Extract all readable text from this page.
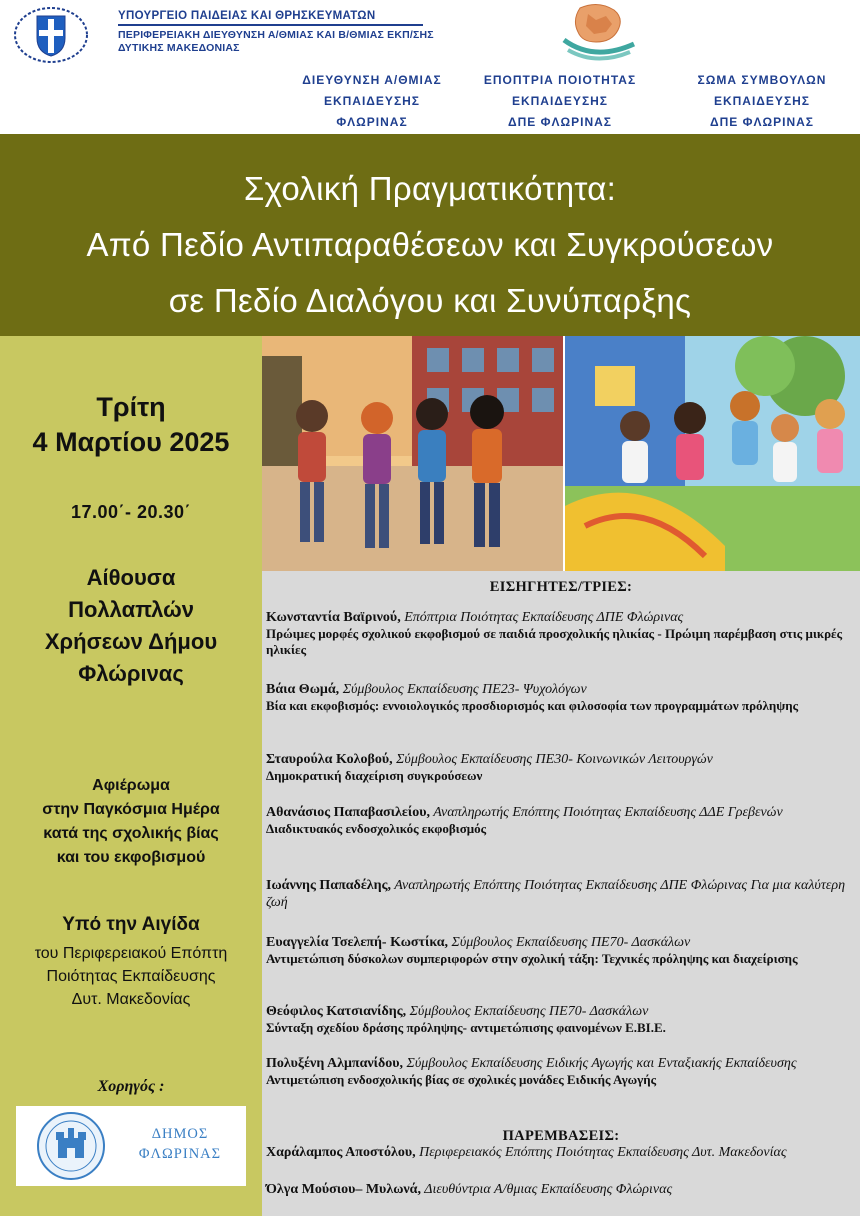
ΥΠΟΥΡΓΕΙΟ ΠΑΙΔΕΙΑΣ ΚΑΙ ΘΡΗΣΚΕΥΜΑΤΩΝ
ΠΕΡΙΦΕΡΕΙΑΚΗ ΔΙΕΥΘΥΝΣΗ Α/ΘΜΙΑΣ ΚΑΙ Β/ΘΜΙΑΣ ΕΚΠ/ΣΗΣ
ΔΥΤΙΚΗΣ ΜΑΚΕΔΟΝΙΑΣ
ΔΙΕΥΘΥΝΣΗ Α/ΘΜΙΑΣ
ΕΚΠΑΙΔΕΥΣΗΣ
ΦΛΩΡΙΝΑΣ
ΕΠΟΠΤΡΙΑ ΠΟΙΟΤΗΤΑΣ
ΕΚΠΑΙΔΕΥΣΗΣ
ΔΠΕ ΦΛΩΡΙΝΑΣ
ΣΩΜΑ ΣΥΜΒΟΥΛΩΝ
ΕΚΠΑΙΔΕΥΣΗΣ
ΔΠΕ ΦΛΩΡΙΝΑΣ
Σχολική Πραγματικότητα:
Από Πεδίο Αντιπαραθέσεων και Συγκρούσεων
σε Πεδίο Διαλόγου και Συνύπαρξης
Τρίτη
4 Μαρτίου 2025
17.00΄- 20.30΄
Αίθουσα
Πολλαπλών
Χρήσεων Δήμου
Φλώρινας
Αφιέρωμα
στην Παγκόσμια Ημέρα
κατά της σχολικής βίας
και του εκφοβισμού
Υπό την Αιγίδα
του Περιφερειακού Επόπτη
Ποιότητας Εκπαίδευσης
Δυτ. Μακεδονίας
Χορηγός :
ΔΗΜΟΣ
ΦΛΩΡΙΝΑΣ
ΕΙΣΗΓΗΤΕΣ/ΤΡΙΕΣ:
Κωνσταντία Βαϊρινού, Επόπτρια Ποιότητας Εκπαίδευσης ΔΠΕ Φλώρινας
Πρώιμες μορφές σχολικού εκφοβισμού σε παιδιά προσχολικής ηλικίας - Πρώιμη παρέμβαση στις μικρές ηλικίες
Βάια Θωμά, Σύμβουλος Εκπαίδευσης ΠΕ23- Ψυχολόγων
Βία και εκφοβισμός: εννοιολογικός προσδιορισμός και φιλοσοφία των προγραμμάτων πρόληψης
Σταυρούλα Κολοβού, Σύμβουλος Εκπαίδευσης ΠΕ30- Κοινωνικών Λειτουργών
Δημοκρατική διαχείριση συγκρούσεων
Αθανάσιος Παπαβασιλείου, Αναπληρωτής Επόπτης Ποιότητας Εκπαίδευσης ΔΔΕ Γρεβενών
Διαδικτυακός ενδοσχολικός εκφοβισμός
Ιωάννης Παπαδέλης, Αναπληρωτής Επόπτης Ποιότητας Εκπαίδευσης ΔΠΕ Φλώρινας Για μια καλύτερη ζωή
Ευαγγελία Τσελεπή- Κωστίκα, Σύμβουλος Εκπαίδευσης ΠΕ70- Δασκάλων
Αντιμετώπιση δύσκολων συμπεριφορών στην σχολική τάξη: Τεχνικές πρόληψης και διαχείρισης
Θεόφιλος Κατσιανίδης, Σύμβουλος Εκπαίδευσης ΠΕ70- Δασκάλων
Σύνταξη σχεδίου δράσης πρόληψης- αντιμετώπισης φαινομένων Ε.ΒΙ.Ε.
Πολυξένη Αλμπανίδου, Σύμβουλος Εκπαίδευσης Ειδικής Αγωγής και Ενταξιακής Εκπαίδευσης
Αντιμετώπιση ενδοσχολικής βίας σε σχολικές μονάδες Ειδικής Αγωγής
ΠΑΡΕΜΒΑΣΕΙΣ:
Χαράλαμπος Αποστόλου, Περιφερειακός Επόπτης Ποιότητας Εκπαίδευσης Δυτ. Μακεδονίας
Όλγα Μούσιου– Μυλωνά, Διευθύντρια Α/θμιας Εκπαίδευσης Φλώρινας
